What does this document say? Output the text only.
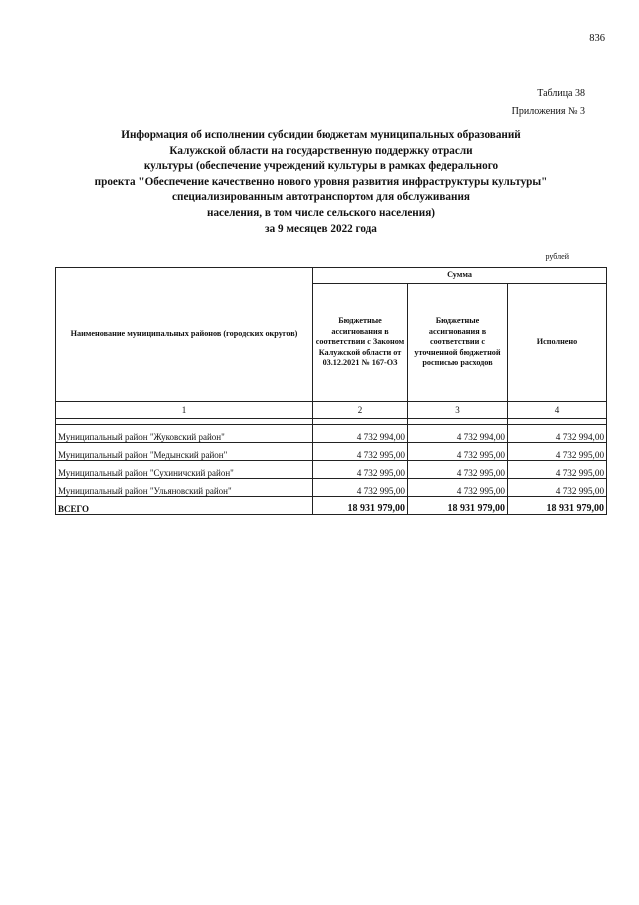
836
Таблица 38
Приложения № 3
Информация об исполнении субсидии бюджетам муниципальных образований
Калужской области на государственную поддержку отрасли
культуры (обеспечение учреждений культуры в рамках федерального
проекта "Обеспечение качественно нового уровня развития инфраструктуры культуры"
специализированным автотранспортом для обслуживания
населения, в том числе сельского населения)
за 9 месяцев 2022 года
рублей
Наименование муниципальных районов (городских округов)	Сумма		
	Бюджетные ассигнования в соответствии с Законом Калужской области от 03.12.2021 № 167-ОЗ	Бюджетные ассигнования в соответствии с уточненной бюджетной росписью расходов	Исполнено
1	2	3	4

Муниципальный район "Жуковский район"	4 732 994,00	4 732 994,00	4 732 994,00
Муниципальный район "Медынский район"	4 732 995,00	4 732 995,00	4 732 995,00
Муниципальный район "Сухиничский район"	4 732 995,00	4 732 995,00	4 732 995,00
Муниципальный район "Ульяновский район"	4 732 995,00	4 732 995,00	4 732 995,00
ВСЕГО	18 931 979,00	18 931 979,00	18 931 979,00
